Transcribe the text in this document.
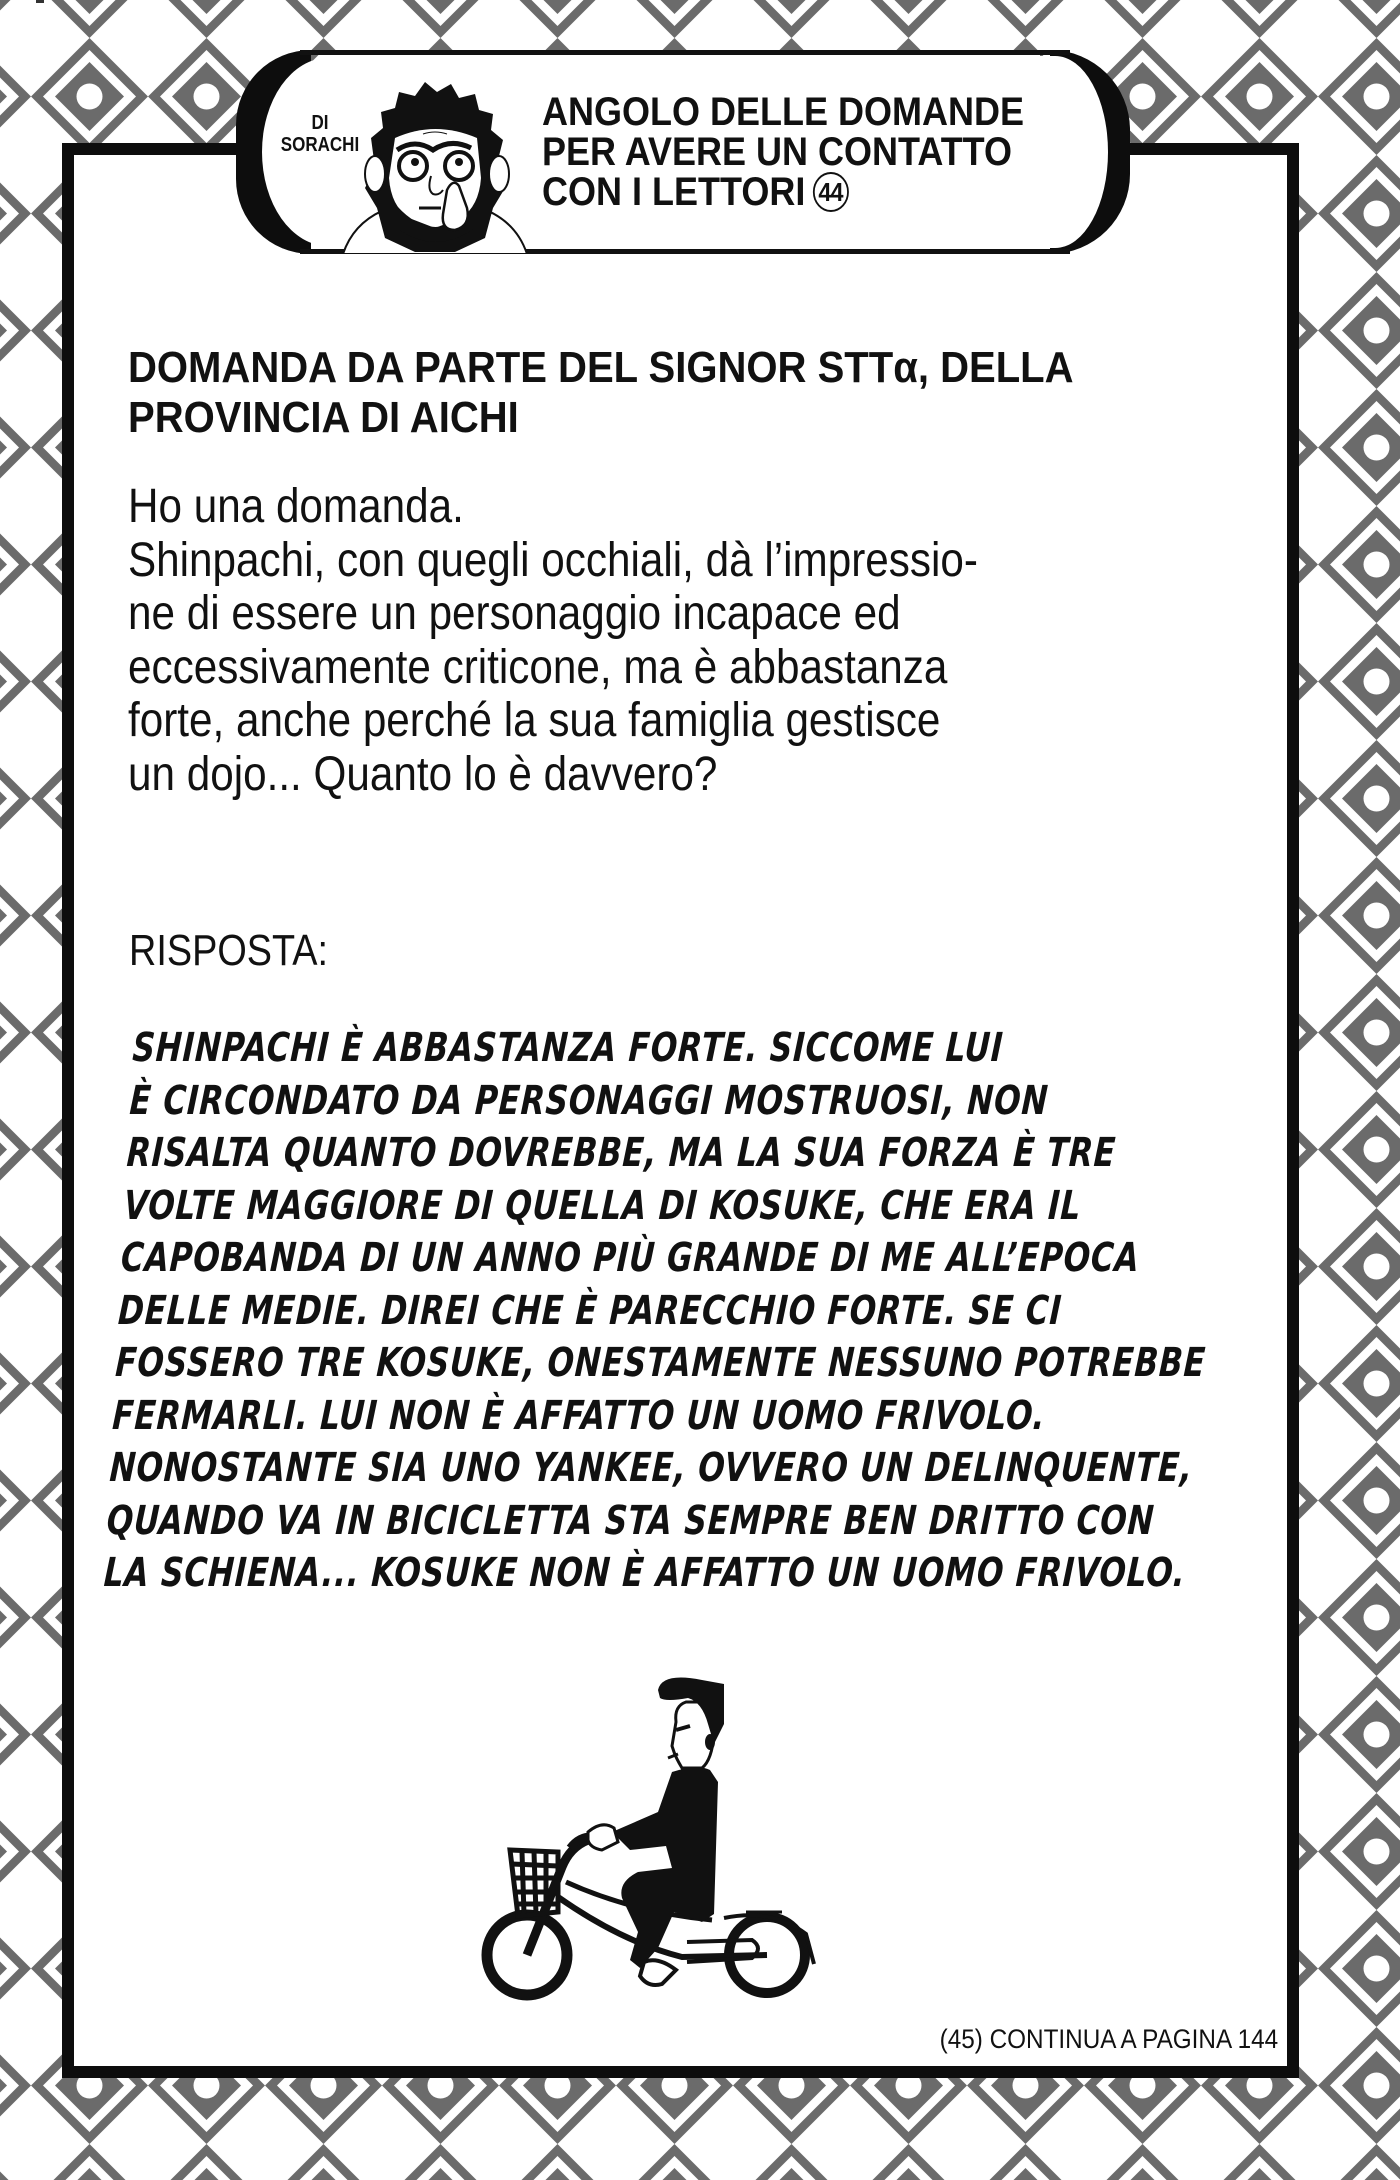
DI
SORACHI
ANGOLO DELLE DOMANDE
PER AVERE UN CONTATTO
CON I LETTORI 44
DOMANDA DA PARTE DEL SIGNOR STTα, DELLA
PROVINCIA DI AICHI
Ho una domanda.
Shinpachi, con quegli occhiali, dà l’impressio-
ne di essere un personaggio incapace ed
eccessivamente criticone, ma è abbastanza
forte, anche perché la sua famiglia gestisce
un dojo... Quanto lo è davvero?
RISPOSTA:
SHINPACHI È ABBASTANZA FORTE. SICCOME LUI
È CIRCONDATO DA PERSONAGGI MOSTRUOSI, NON
RISALTA QUANTO DOVREBBE, MA LA SUA FORZA È TRE
VOLTE MAGGIORE DI QUELLA DI KOSUKE, CHE ERA IL
CAPOBANDA DI UN ANNO PIÙ GRANDE DI ME ALL’EPOCA
DELLE MEDIE. DIREI CHE È PARECCHIO FORTE. SE CI
FOSSERO TRE KOSUKE, ONESTAMENTE NESSUNO POTREBBE
FERMARLI. LUI NON È AFFATTO UN UOMO FRIVOLO.
NONOSTANTE SIA UNO YANKEE, OVVERO UN DELINQUENTE,
QUANDO VA IN BICICLETTA STA SEMPRE BEN DRITTO CON
LA SCHIENA... KOSUKE NON È AFFATTO UN UOMO FRIVOLO.
(45) CONTINUA A PAGINA 144
